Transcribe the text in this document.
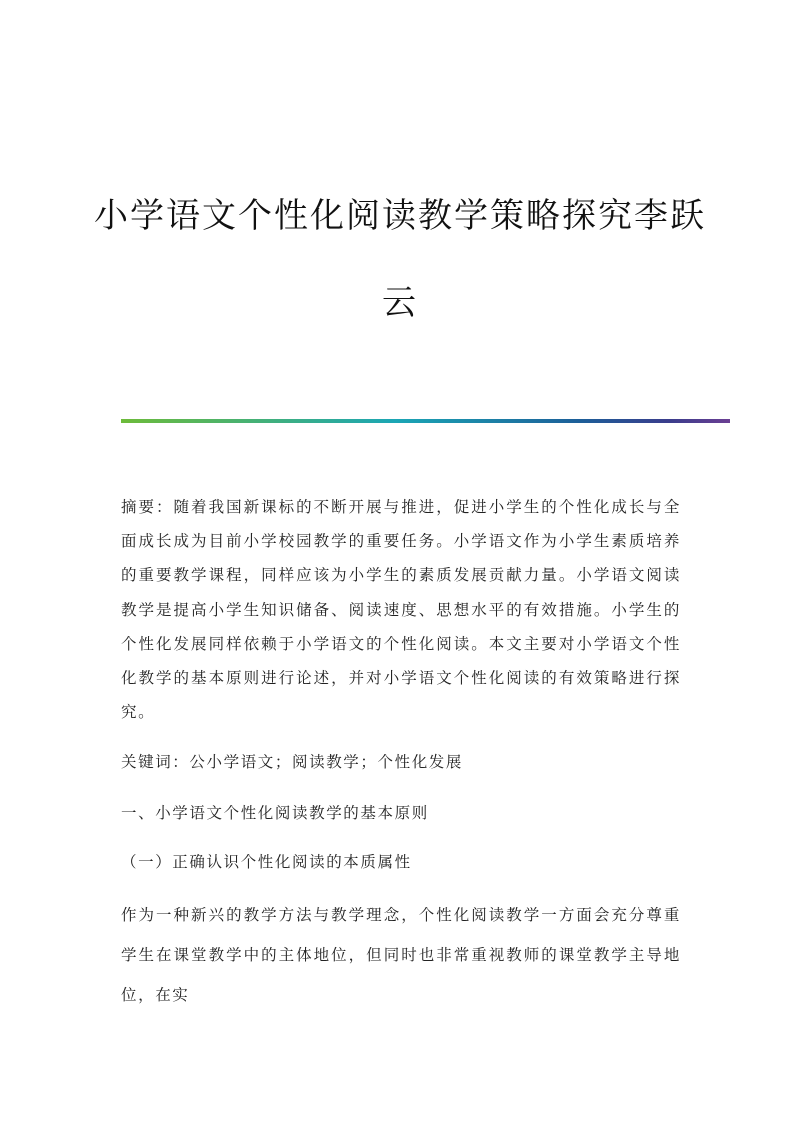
小学语文个性化阅读教学策略探究李跃
云
摘要：随着我国新课标的不断开展与推进，促进小学生的个性化成长与全面成长成为目前小学校园教学的重要任务。小学语文作为小学生素质培养的重要教学课程，同样应该为小学生的素质发展贡献力量。小学语文阅读教学是提高小学生知识储备、阅读速度、思想水平的有效措施。小学生的个性化发展同样依赖于小学语文的个性化阅读。本文主要对小学语文个性化教学的基本原则进行论述，并对小学语文个性化阅读的有效策略进行探究。
关键词：公小学语文；阅读教学；个性化发展
一、小学语文个性化阅读教学的基本原则
（一）正确认识个性化阅读的本质属性
作为一种新兴的教学方法与教学理念，个性化阅读教学一方面会充分尊重学生在课堂教学中的主体地位，但同时也非常重视教师的课堂教学主导地位，在实
